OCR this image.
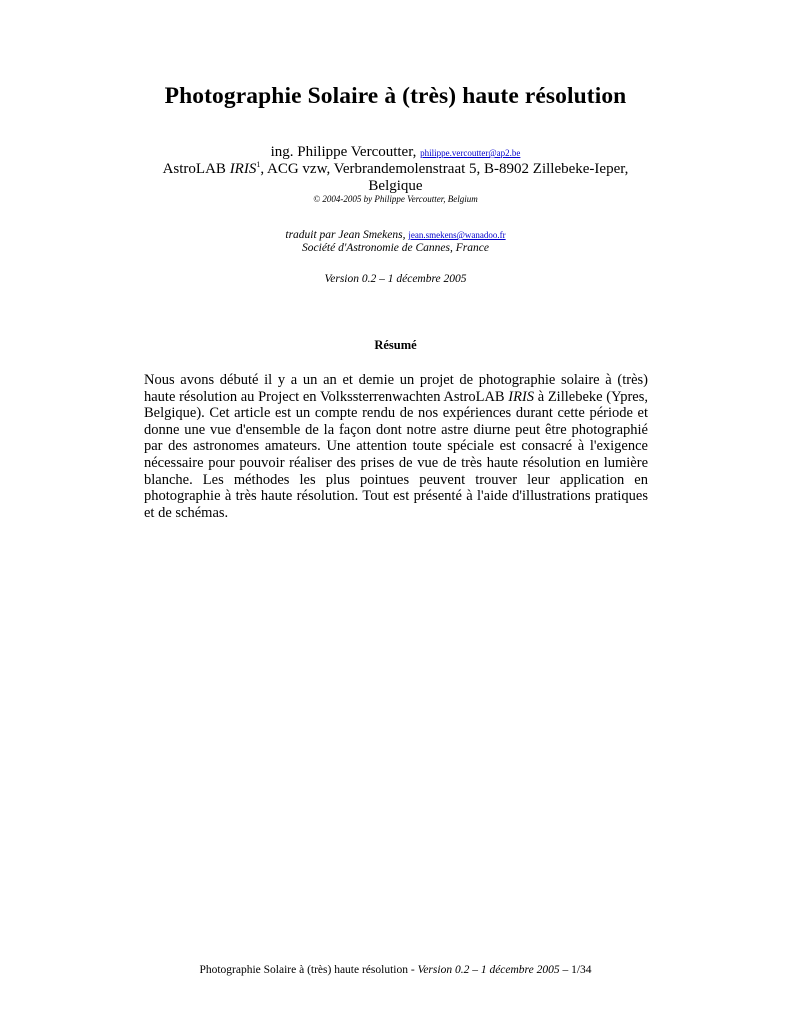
Photographie Solaire à (très) haute résolution
ing. Philippe Vercoutter, philippe.vercoutter@ap2.be
AstroLAB IRIS$^1$, ACG vzw, Verbrandemolenstraat 5, B-8902 Zillebeke-Ieper,
Belgique
© 2004-2005 by Philippe Vercoutter, Belgium
traduit par Jean Smekens, jean.smekens@wanadoo.fr
Société d'Astronomie de Cannes, France
Version 0.2 – 1 décembre 2005
Résumé
Nous avons débuté il y a un an et demie un projet de photographie solaire à (très) haute résolution au Project en Volkssterrenwachten AstroLAB IRIS à Zillebeke (Ypres, Belgique). Cet article est un compte rendu de nos expériences durant cette période et donne une vue d'ensemble de la façon dont notre astre diurne peut être photographié par des astronomes amateurs. Une attention toute spéciale est consacré à l'exigence nécessaire pour pouvoir réaliser des prises de vue de très haute résolution en lumière blanche. Les méthodes les plus pointues peuvent trouver leur application en photographie à très haute résolution. Tout est présenté à l'aide d'illustrations pratiques et de schémas.
Photographie Solaire à (très) haute résolution - Version 0.2 – 1 décembre 2005 – 1/34
